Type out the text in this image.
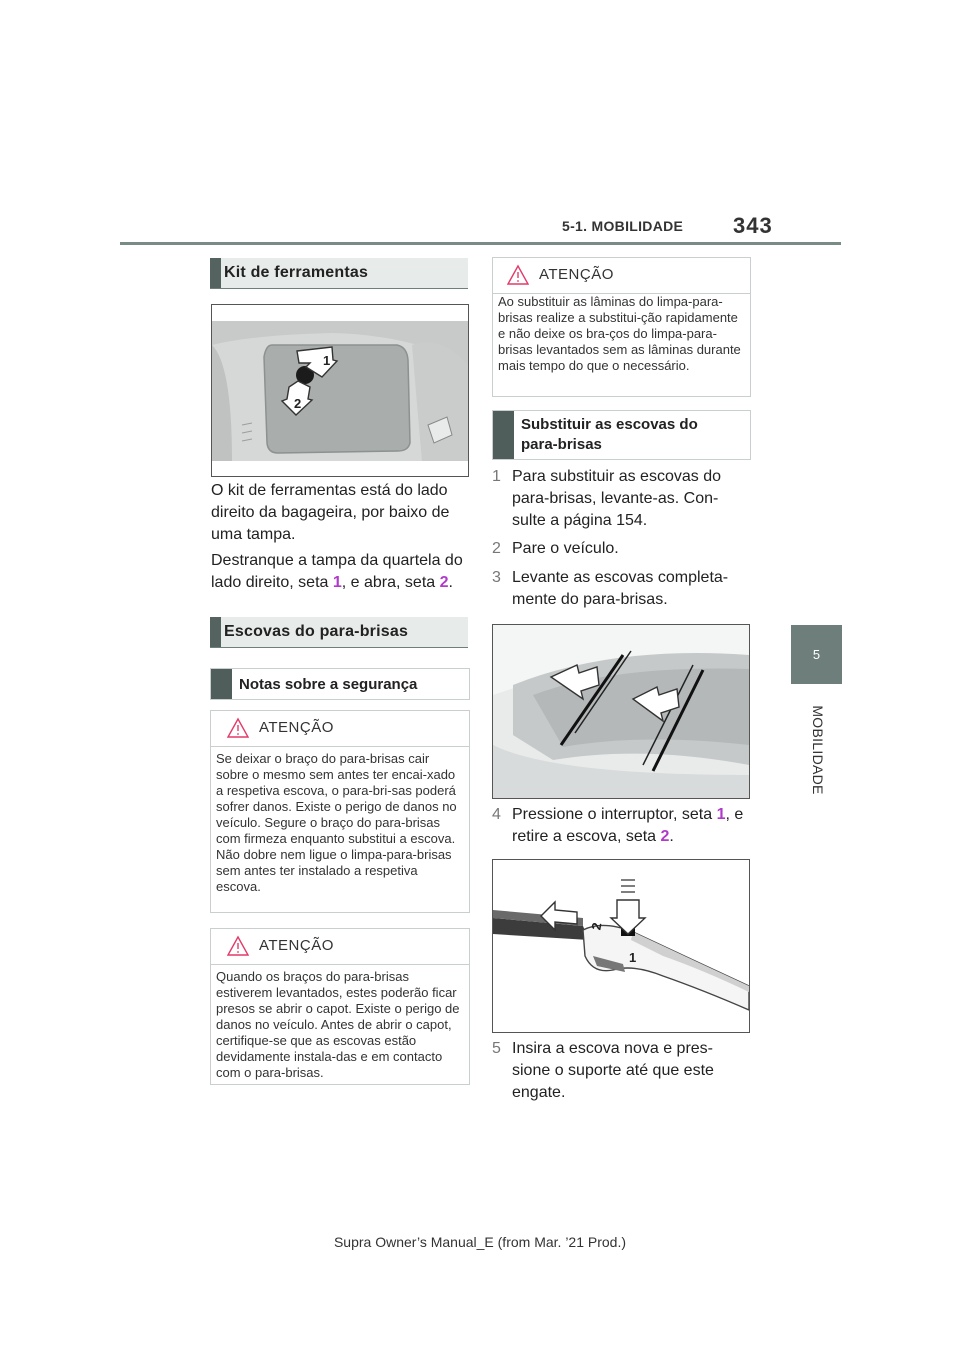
5-1. MOBILIDADE 343
5
MOBILIDADE
Kit de ferramentas
1
2
O kit de ferramentas está do lado direito da bagageira, por baixo de uma tampa.
Destranque a tampa da quartela do lado direito, seta 1, e abra, seta 2.
Escovas do para-brisas
Notas sobre a segurança
ATENÇÃO
Se deixar o braço do para-brisas cair sobre o mesmo sem antes ter encai-xado a respetiva escova, o para-bri-sas poderá sofrer danos. Existe o perigo de danos no veículo. Segure o braço do para-brisas com firmeza enquanto substitui a escova. Não dobre nem ligue o limpa-para-brisas sem antes ter instalado a respetiva escova.
ATENÇÃO
Quando os braços do para-brisas estiverem levantados, estes poderão ficar presos se abrir o capot. Existe o perigo de danos no veículo. Antes de abrir o capot, certifique-se que as escovas estão devidamente instala-das e em contacto com o para-brisas.
ATENÇÃO
Ao substituir as lâminas do limpa-para-brisas realize a substitui-ção rapidamente e não deixe os bra-ços do limpa-para-brisas levantados sem as lâminas durante mais tempo do que o necessário.
Substituir as escovas do para-brisas
1 Para substituir as escovas do para-brisas, levante-as. Con-sulte a página 154.
2 Pare o veículo.
3 Levante as escovas completa-mente do para-brisas.
4 Pressione o interruptor, seta 1, e retire a escova, seta 2.
1
2
5 Insira a escova nova e pres-sione o suporte até que este engate.
Supra Owner’s Manual_E (from Mar. ’21 Prod.)
